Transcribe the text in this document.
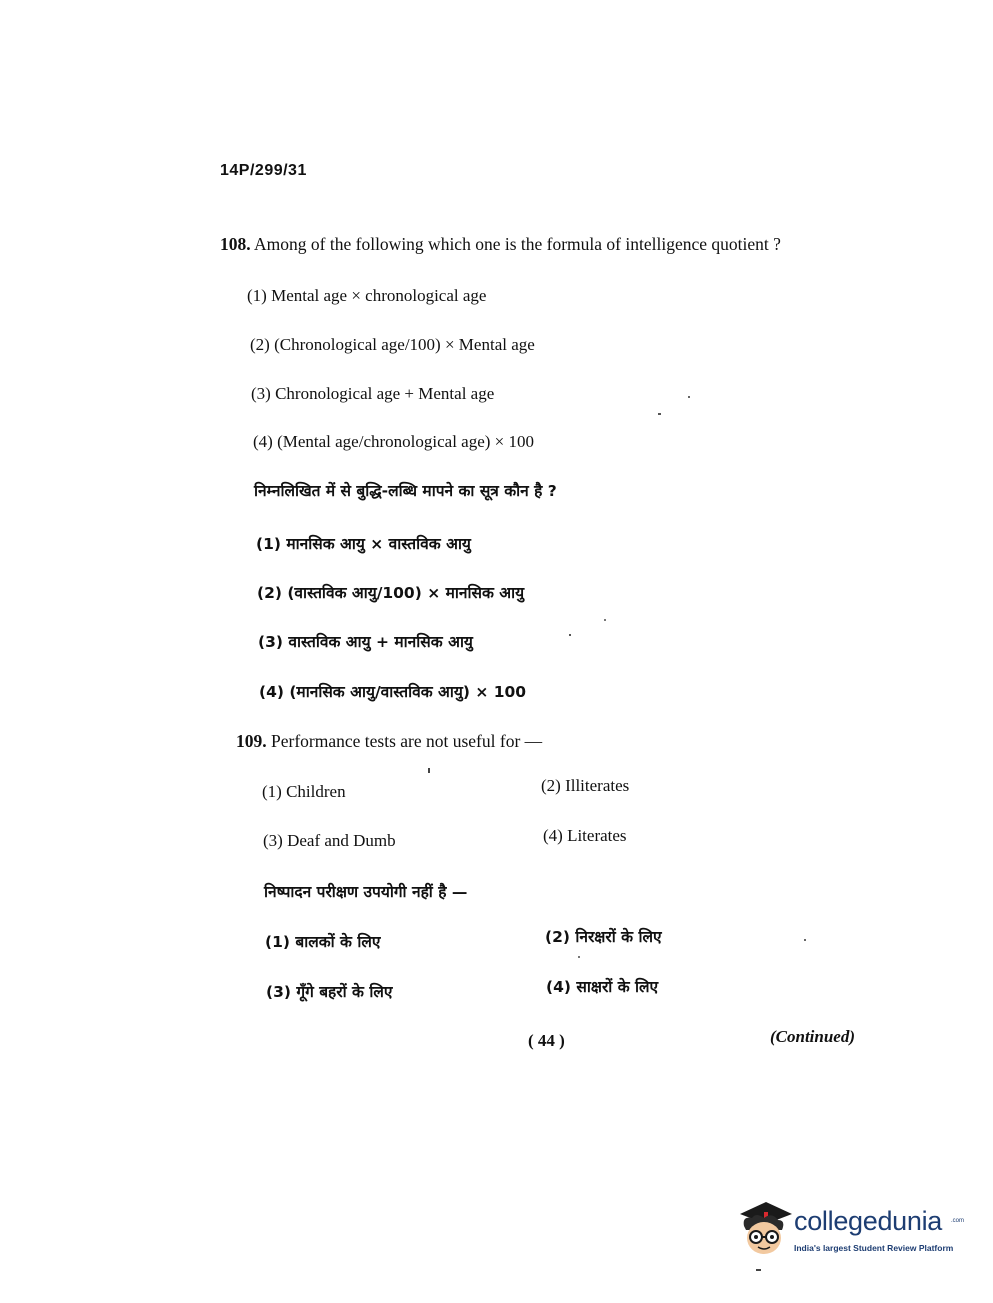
14P/299/31
108. Among of the following which one is the formula of intelligence quotient ?
(1) Mental age × chronological age
(2) (Chronological age/100) × Mental age
(3) Chronological age + Mental age
(4) (Mental age/chronological age) × 100
निम्नलिखित में से बुद्धि-लब्धि मापने का सूत्र कौन है ?
(1) मानसिक आयु × वास्तविक आयु
(2) (वास्तविक आयु/100) × मानसिक आयु
(3) वास्तविक आयु + मानसिक आयु
(4) (मानसिक आयु/वास्तविक आयु) × 100
109. Performance tests are not useful for —
(1) Children	(2) Illiterates
(3) Deaf and Dumb	(4) Literates
निष्पादन परीक्षण उपयोगी नहीं है —
(1) बालकों के लिए	(2) निरक्षरों के लिए
(3) गूँगे बहरों के लिए	(4) साक्षरों के लिए
( 44 )	(Continued)
collegedunia .com
India's largest Student Review Platform
